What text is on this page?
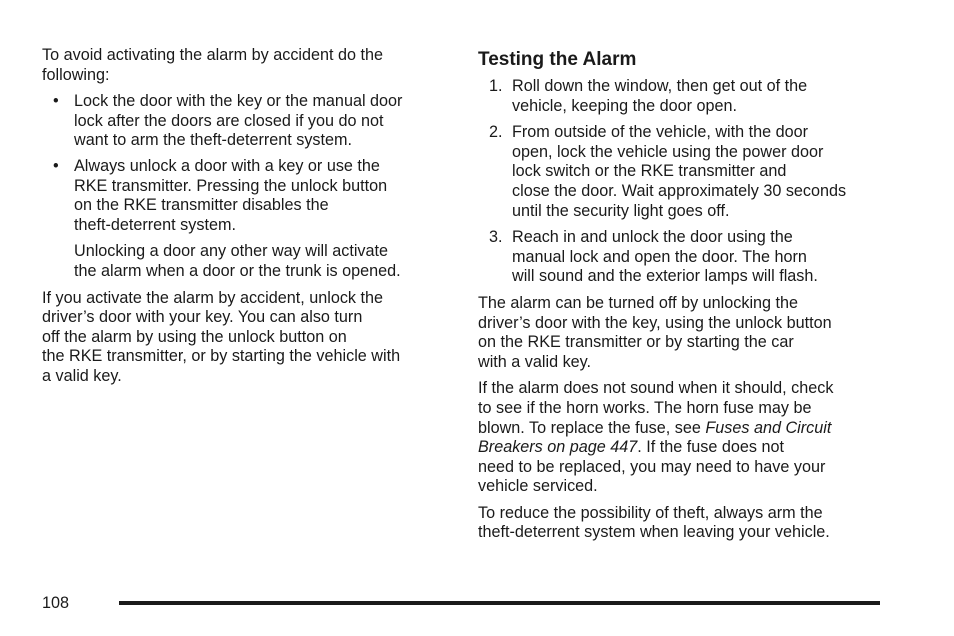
To avoid activating the alarm by accident do the
following:

• Lock the door with the key or the manual door
lock after the doors are closed if you do not
want to arm the theft-deterrent system.
• Always unlock a door with a key or use the
RKE transmitter. Pressing the unlock button
on the RKE transmitter disables the
theft-deterrent system.

Unlocking a door any other way will activate
the alarm when a door or the trunk is opened.

If you activate the alarm by accident, unlock the
driver’s door with your key. You can also turn
off the alarm by using the unlock button on
the RKE transmitter, or by starting the vehicle with
a valid key.

Testing the Alarm
1. Roll down the window, then get out of the
vehicle, keeping the door open.
2. From outside of the vehicle, with the door
open, lock the vehicle using the power door
lock switch or the RKE transmitter and
close the door. Wait approximately 30 seconds
until the security light goes off.
3. Reach in and unlock the door using the
manual lock and open the door. The horn
will sound and the exterior lamps will flash.

The alarm can be turned off by unlocking the
driver’s door with the key, using the unlock button
on the RKE transmitter or by starting the car
with a valid key.

If the alarm does not sound when it should, check
to see if the horn works. The horn fuse may be
blown. To replace the fuse, see Fuses and Circuit
Breakers on page 447. If the fuse does not
need to be replaced, you may need to have your
vehicle serviced.

To reduce the possibility of theft, always arm the
theft-deterrent system when leaving your vehicle.

108
